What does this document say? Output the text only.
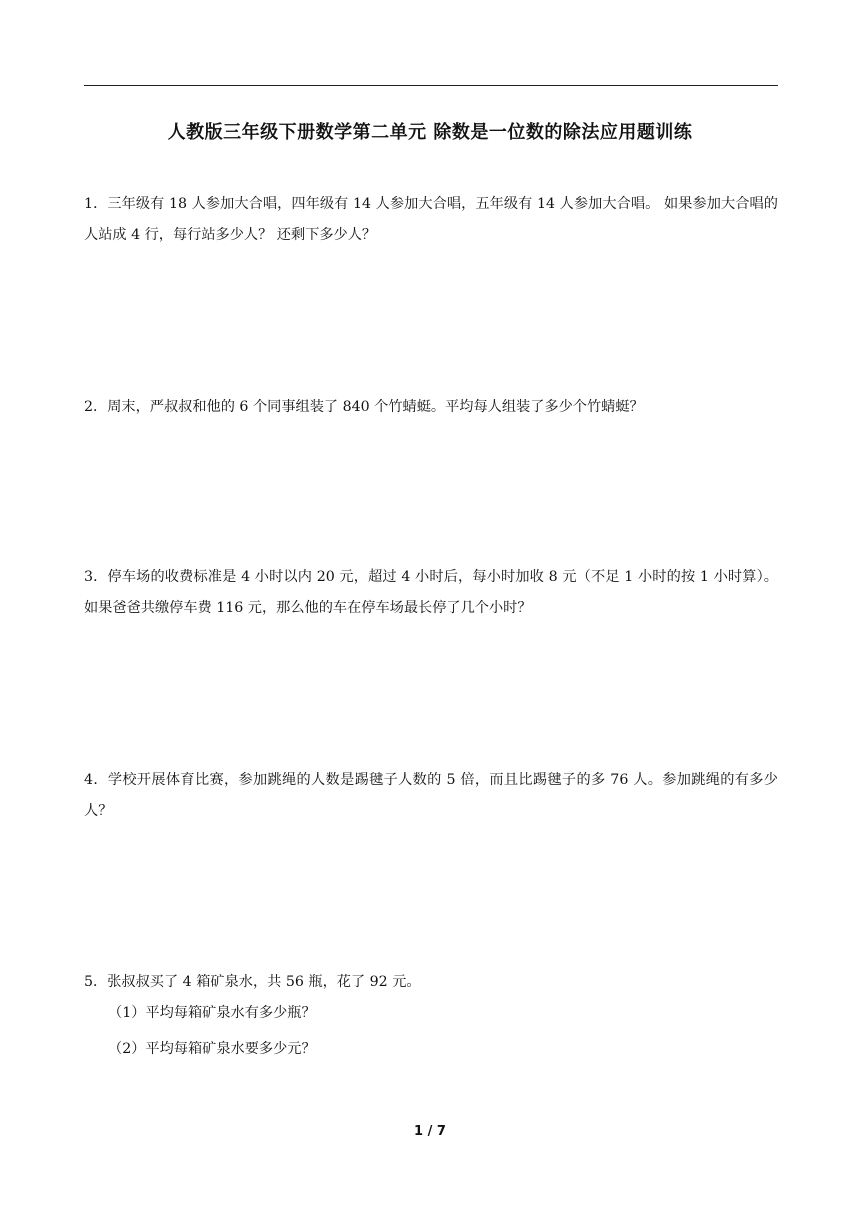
人教版三年级下册数学第二单元 除数是一位数的除法应用题训练
1．三年级有 18 人参加大合唱，四年级有 14 人参加大合唱，五年级有 14 人参加大合唱。 如果参加大合唱的人站成 4 行，每行站多少人？ 还剩下多少人？
2．周末，严叔叔和他的 6 个同事组装了 840 个竹蜻蜓。平均每人组装了多少个竹蜻蜓？
3．停车场的收费标准是 4 小时以内 20 元，超过 4 小时后，每小时加收 8 元（不足 1 小时的按 1 小时算）。如果爸爸共缴停车费 116 元，那么他的车在停车场最长停了几个小时？
4．学校开展体育比赛，参加跳绳的人数是踢毽子人数的 5 倍，而且比踢毽子的多 76 人。参加跳绳的有多少人？
5．张叔叔买了 4 箱矿泉水，共 56 瓶，花了 92 元。
（1）平均每箱矿泉水有多少瓶？
（2）平均每箱矿泉水要多少元？
1 / 7
